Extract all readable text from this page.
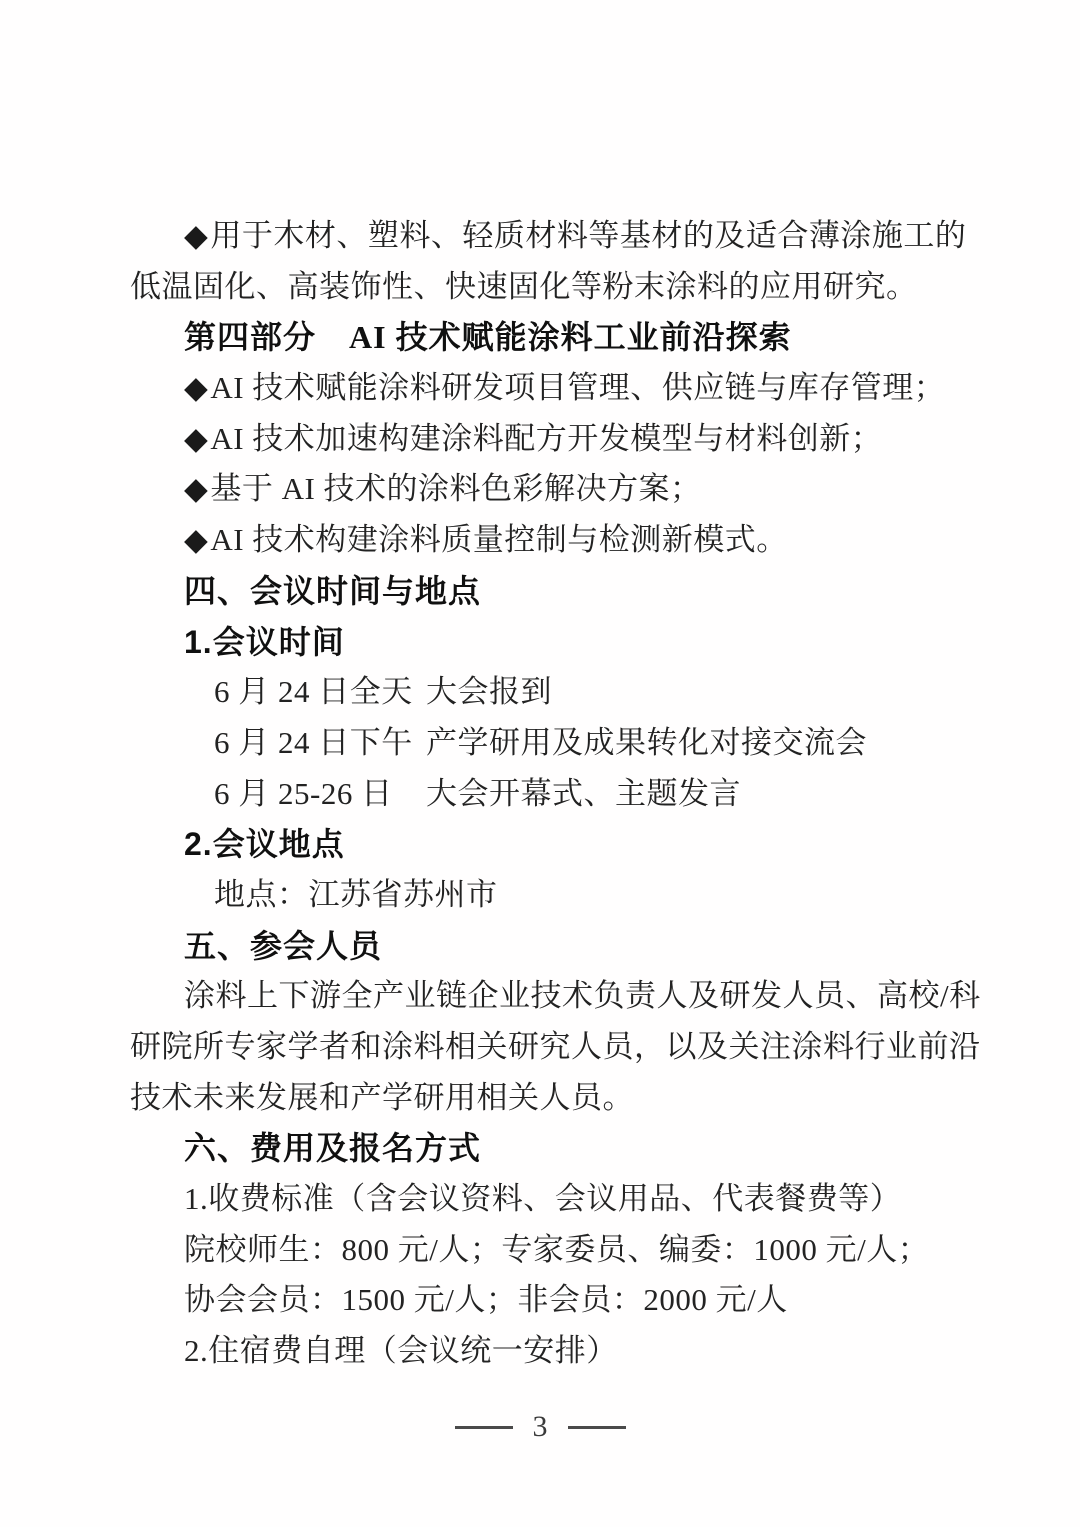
◆用于木材、塑料、轻质材料等基材的及适合薄涂施工的
低温固化、高装饰性、快速固化等粉末涂料的应用研究。
第四部分　AI 技术赋能涂料工业前沿探索
◆AI 技术赋能涂料研发项目管理、供应链与库存管理；
◆AI 技术加速构建涂料配方开发模型与材料创新；
◆基于 AI 技术的涂料色彩解决方案；
◆AI 技术构建涂料质量控制与检测新模式。
四、会议时间与地点
1.会议时间
6 月 24 日全天 大会报到
6 月 24 日下午 产学研用及成果转化对接交流会
6 月 25-26 日 大会开幕式、主题发言
2.会议地点
地点：江苏省苏州市
五、参会人员
涂料上下游全产业链企业技术负责人及研发人员、高校/科
研院所专家学者和涂料相关研究人员，以及关注涂料行业前沿
技术未来发展和产学研用相关人员。
六、费用及报名方式
1.收费标准（含会议资料、会议用品、代表餐费等）
院校师生：800 元/人；专家委员、编委：1000 元/人；
协会会员：1500 元/人；非会员：2000 元/人
2.住宿费自理（会议统一安排）
3
